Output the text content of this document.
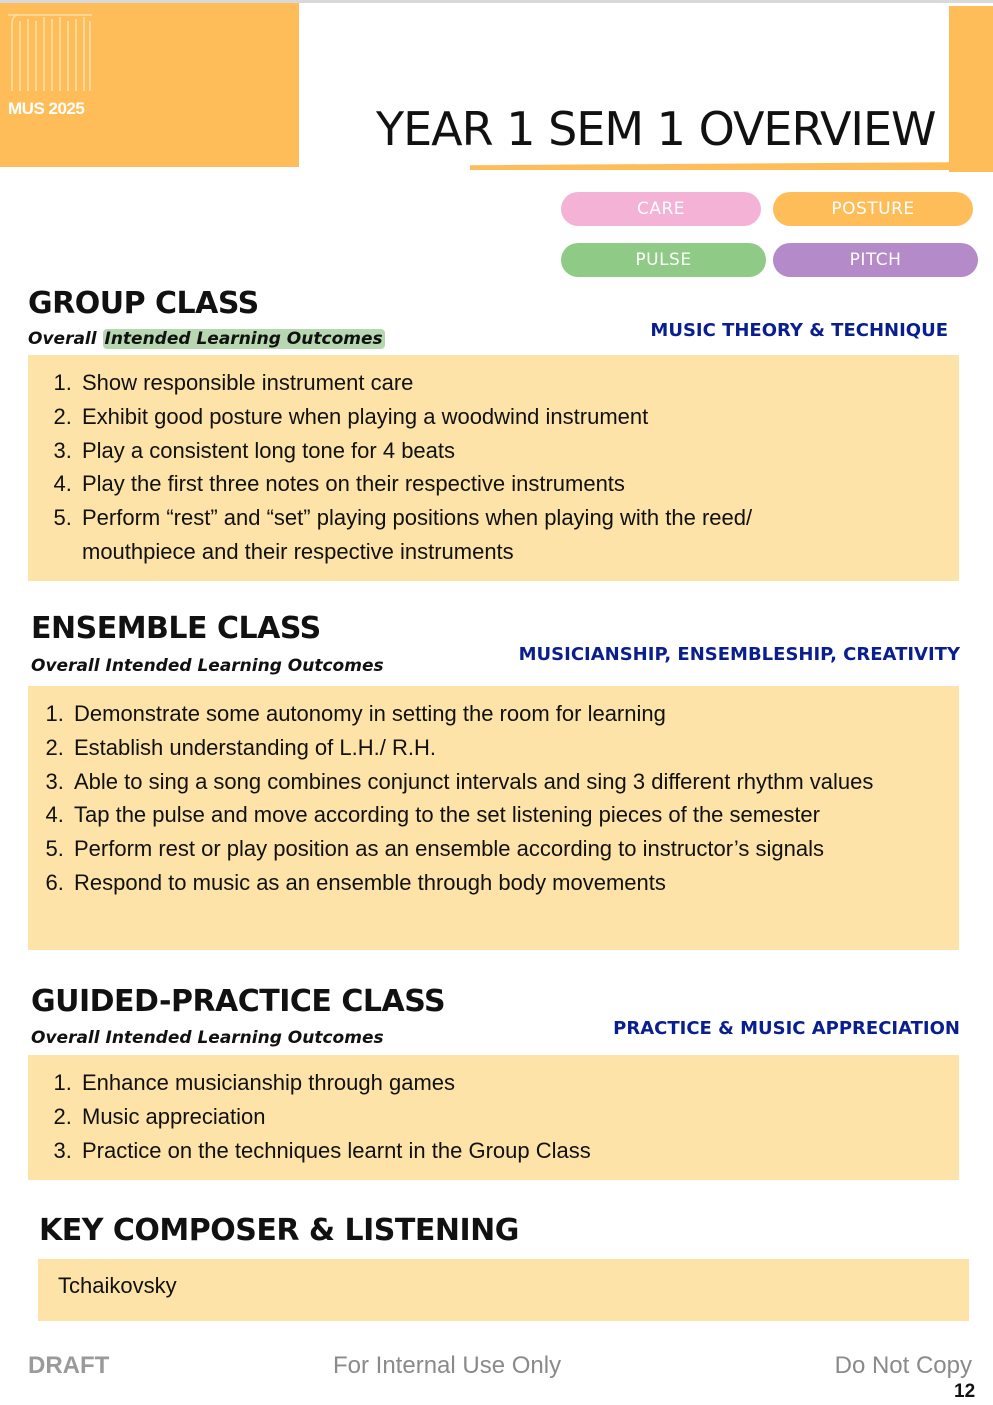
MUS 2025	YEAR 1 SEM 1 OVERVIEW
CARE	POSTURE
PULSE	PITCH
GROUP CLASS
Overall Intended Learning Outcomes	MUSIC THEORY & TECHNIQUE
1. Show responsible instrument care
2. Exhibit good posture when playing a woodwind instrument
3. Play a consistent long tone for 4 beats
4. Play the first three notes on their respective instruments
5. Perform “rest” and “set” playing positions when playing with the reed/ mouthpiece and their respective instruments
ENSEMBLE CLASS
Overall Intended Learning Outcomes
MUSICIANSHIP, ENSEMBLESHIP, CREATIVITY
1. Demonstrate some autonomy in setting the room for learning
2. Establish understanding of L.H./ R.H.
3. Able to sing a song combines conjunct intervals and sing 3 different rhythm values
4. Tap the pulse and move according to the set listening pieces of the semester
5. Perform rest or play position as an ensemble according to instructor’s signals
6. Respond to music as an ensemble through body movements
GUIDED-PRACTICE CLASS
Overall Intended Learning Outcomes	PRACTICE & MUSIC APPRECIATION
1. Enhance musicianship through games
2. Music appreciation
3. Practice on the techniques learnt in the Group Class
KEY COMPOSER & LISTENING
Tchaikovsky
DRAFT	For Internal Use Only	Do Not Copy
12
